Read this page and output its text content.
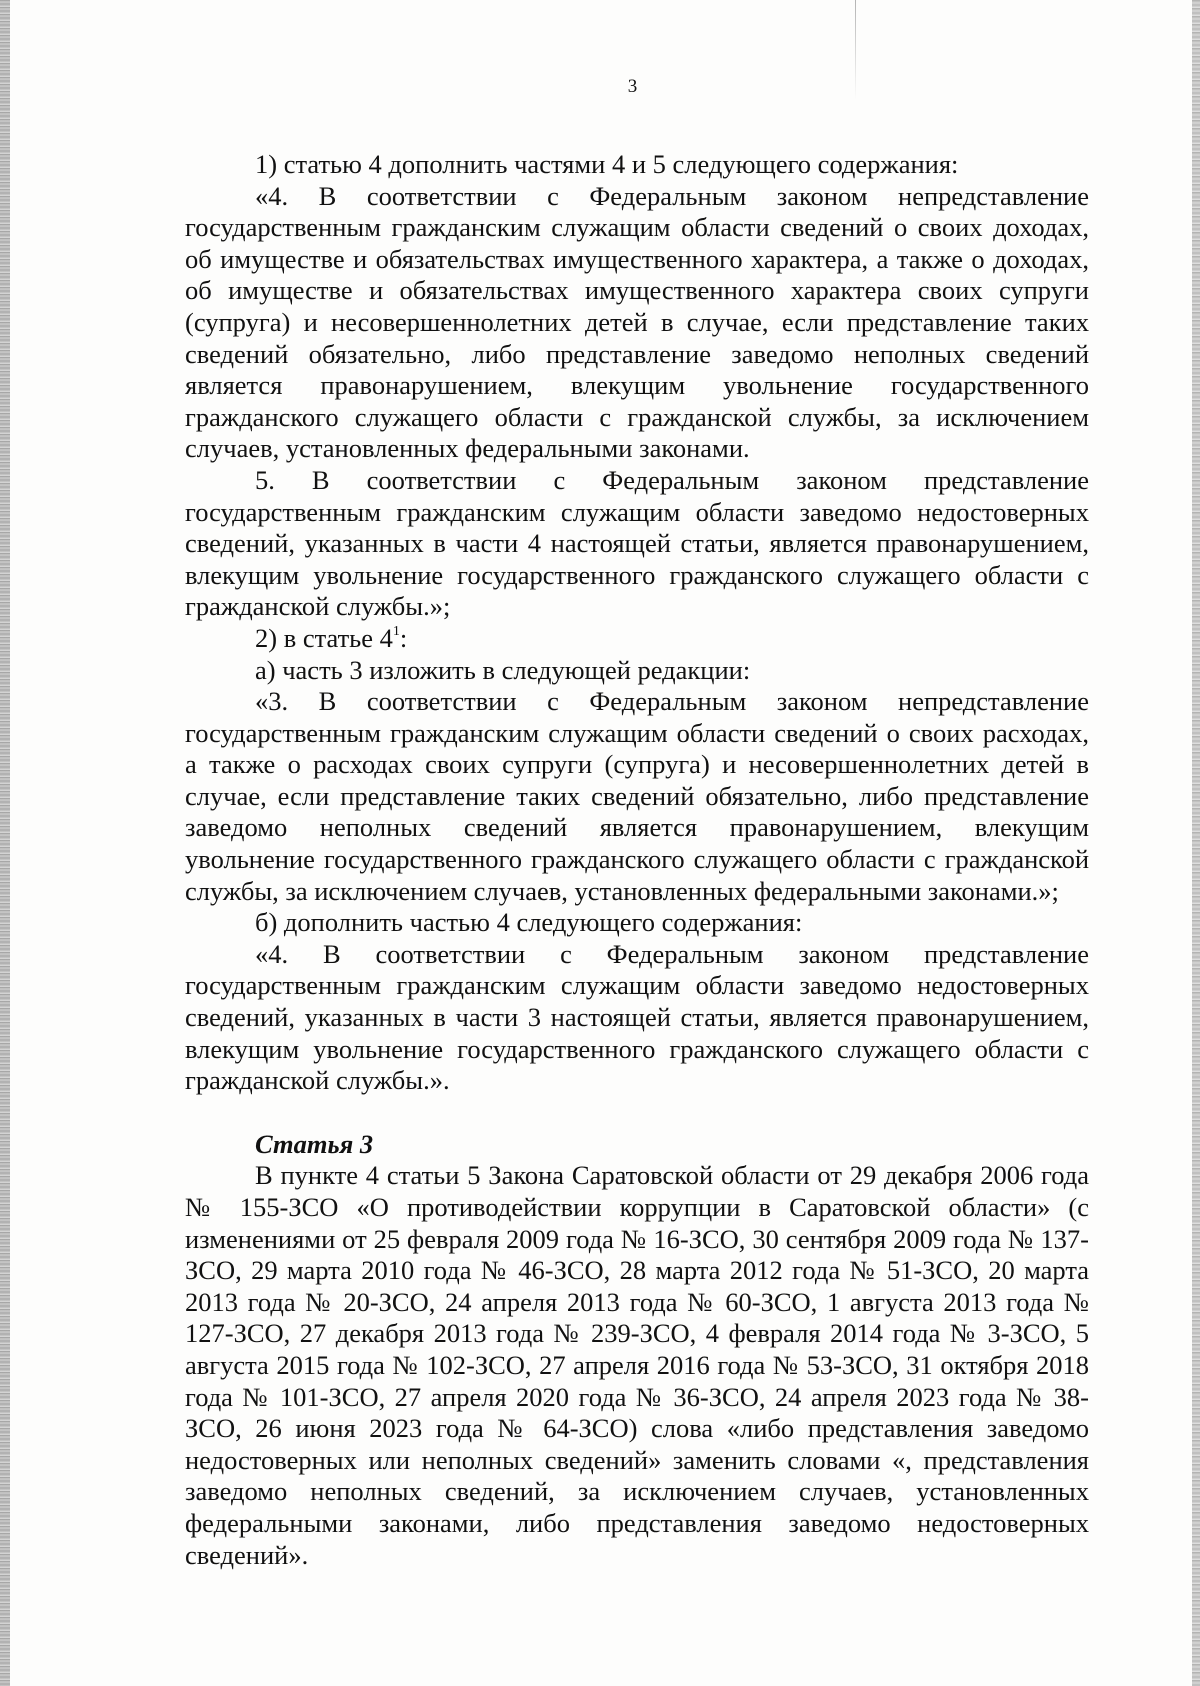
3

1) статью 4 дополнить частями 4 и 5 следующего содержания:

«4. В соответствии с Федеральным законом непредставление государственным гражданским служащим области сведений о своих доходах, об имуществе и обязательствах имущественного характера, а также о доходах, об имуществе и обязательствах имущественного характера своих супруги (супруга) и несовершеннолетних детей в случае, если представление таких сведений обязательно, либо представление заведомо неполных сведений является правонарушением, влекущим увольнение государственного гражданского служащего области с гражданской службы, за исключением случаев, установленных федеральными законами.

5. В соответствии с Федеральным законом представление государственным гражданским служащим области заведомо недостоверных сведений, указанных в части 4 настоящей статьи, является правонарушением, влекущим увольнение государственного гражданского служащего области с гражданской службы.»;

2) в статье $4^1$:

а) часть 3 изложить в следующей редакции:

«3. В соответствии с Федеральным законом непредставление государственным гражданским служащим области сведений о своих расходах, а также о расходах своих супруги (супруга) и несовершеннолетних детей в случае, если представление таких сведений обязательно, либо представление заведомо неполных сведений является правонарушением, влекущим увольнение государственного гражданского служащего области с гражданской службы, за исключением случаев, установленных федеральными законами.»;

б) дополнить частью 4 следующего содержания:

«4. В соответствии с Федеральным законом представление государственным гражданским служащим области заведомо недостоверных сведений, указанных в части 3 настоящей статьи, является правонарушением, влекущим увольнение государственного гражданского служащего области с гражданской службы.».

Статья 3

В пункте 4 статьи 5 Закона Саратовской области от 29 декабря 2006 года № 155-ЗСО «О противодействии коррупции в Саратовской области» (с изменениями от 25 февраля 2009 года № 16-ЗСО, 30 сентября 2009 года № 137-ЗСО, 29 марта 2010 года № 46-ЗСО, 28 марта 2012 года № 51-ЗСО, 20 марта 2013 года № 20-ЗСО, 24 апреля 2013 года № 60-ЗСО, 1 августа 2013 года № 127-ЗСО, 27 декабря 2013 года № 239-ЗСО, 4 февраля 2014 года № 3-ЗСО, 5 августа 2015 года № 102-ЗСО, 27 апреля 2016 года № 53-ЗСО, 31 октября 2018 года № 101-ЗСО, 27 апреля 2020 года № 36-ЗСО, 24 апреля 2023 года № 38-ЗСО, 26 июня 2023 года № 64-ЗСО) слова «либо представления заведомо недостоверных или неполных сведений» заменить словами «, представления заведомо неполных сведений, за исключением случаев, установленных федеральными законами, либо представления заведомо недостоверных сведений».
